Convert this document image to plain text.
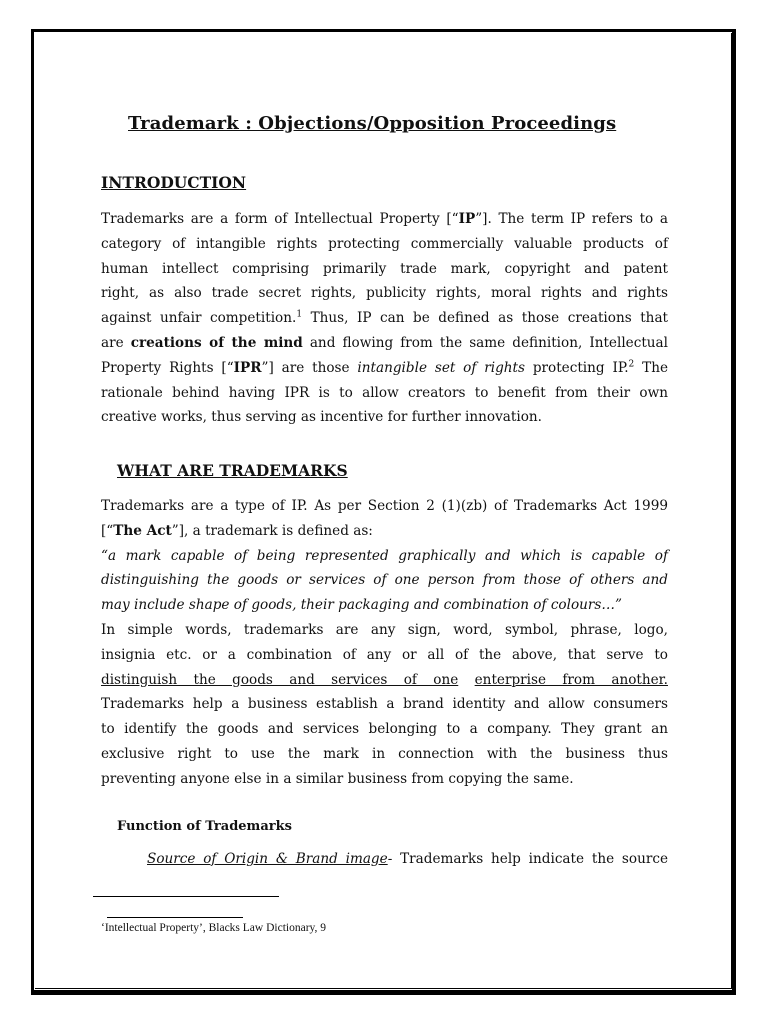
Trademark : Objections/Opposition Proceedings
INTRODUCTION
Trademarks are a form of Intellectual Property [“IP”]. The term IP refers to a
category of intangible rights protecting commercially valuable products of
human intellect comprising primarily trade mark, copyright and patent
right, as also trade secret rights, publicity rights, moral rights and rights
against unfair competition.$^1$ Thus, IP can be defined as those creations that
are creations of the mind and flowing from the same definition, Intellectual
Property Rights [“IPR”] are those intangible set of rights protecting IP.$^2$ The
rationale behind having IPR is to allow creators to benefit from their own
creative works, thus serving as incentive for further innovation.
WHAT ARE TRADEMARKS
Trademarks are a type of IP. As per Section 2 (1)(zb) of Trademarks Act 1999
[“The Act”], a trademark is defined as:
“a mark capable of being represented graphically and which is capable of
distinguishing the goods or services of one person from those of others and
may include shape of goods, their packaging and combination of colours…”
In simple words, trademarks are any sign, word, symbol, phrase, logo,
insignia etc. or a combination of any or all of the above, that serve to
distinguish the goods and services of one enterprise from another.
Trademarks help a business establish a brand identity and allow consumers
to identify the goods and services belonging to a company. They grant an
exclusive right to use the mark in connection with the business thus
preventing anyone else in a similar business from copying the same.
Function of Trademarks
Source of Origin & Brand image- Trademarks help indicate the source
‘Intellectual Property’, Blacks Law Dictionary, 9
